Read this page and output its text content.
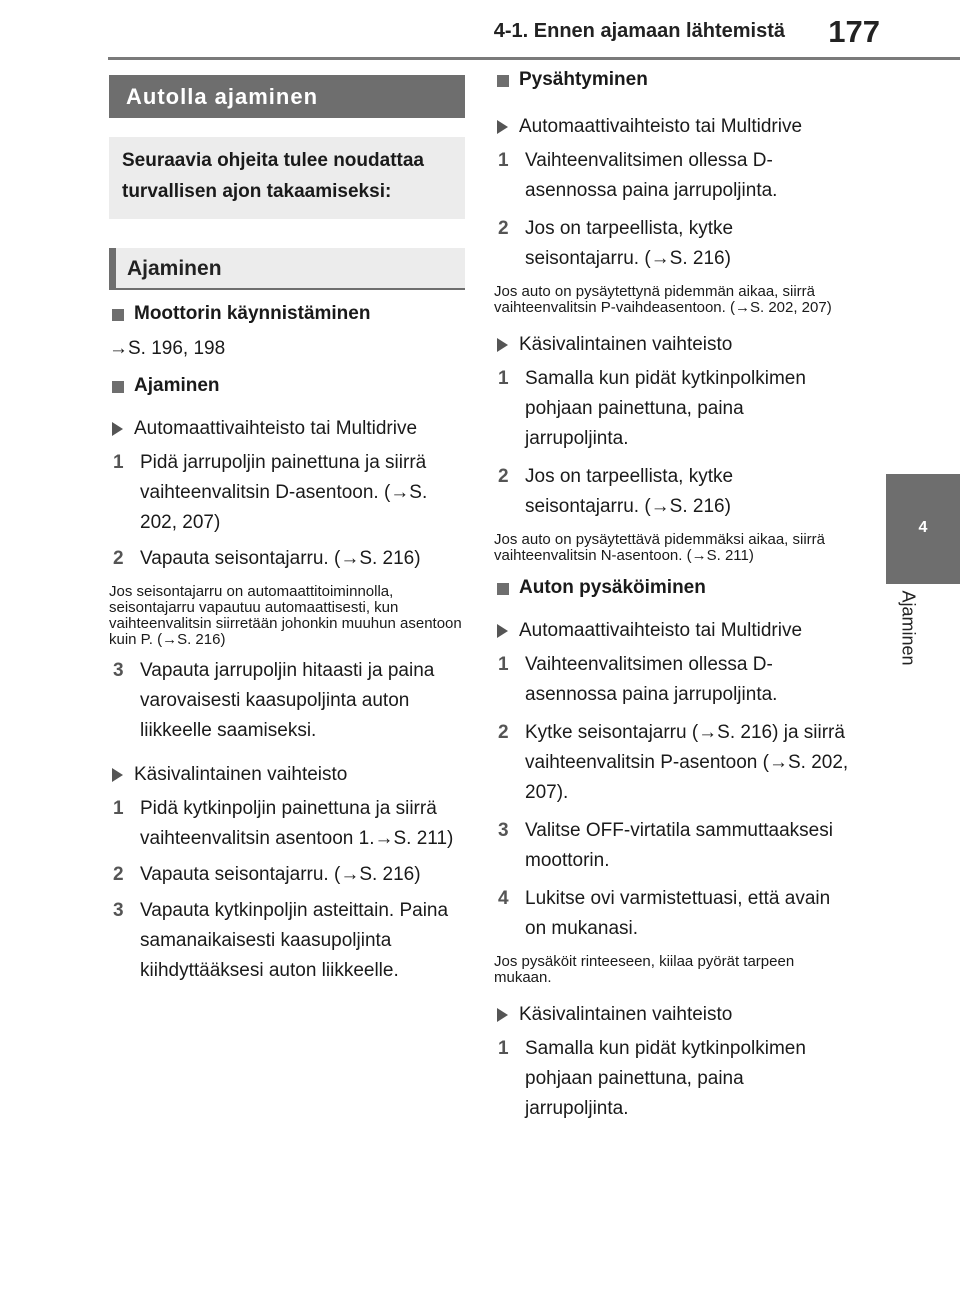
4-1. Ennen ajamaan lähtemistä 177
4
Ajaminen
Autolla ajaminen
Seuraavia ohjeita tulee noudattaa turvallisen ajon takaamiseksi:
Ajaminen
Moottorin käynnistäminen
→S. 196, 198
Ajaminen
Automaattivaihteisto tai Multidrive
1 Pidä jarrupoljin painettuna ja siirrä vaihteenvalitsin D-asentoon. (→S. 202, 207)
2 Vapauta seisontajarru. (→S. 216)
Jos seisontajarru on automaattitoiminnolla, seisontajarru vapautuu automaattisesti, kun vaihteenvalitsin siirretään johonkin muuhun asentoon kuin P. (→S. 216)
3 Vapauta jarrupoljin hitaasti ja paina varovaisesti kaasupoljinta auton liikkeelle saamiseksi.
Käsivalintainen vaihteisto
1 Pidä kytkinpoljin painettuna ja siirrä vaihteenvalitsin asentoon 1.→S. 211)
2 Vapauta seisontajarru. (→S. 216)
3 Vapauta kytkinpoljin asteittain. Paina samanaikaisesti kaasupoljinta kiihdyttääksesi auton liikkeelle.
Pysähtyminen
Automaattivaihteisto tai Multidrive
1 Vaihteenvalitsimen ollessa D-asennossa paina jarrupoljinta.
2 Jos on tarpeellista, kytke seisontajarru. (→S. 216)
Jos auto on pysäytettynä pidemmän aikaa, siirrä vaihteenvalitsin P-vaihdeasentoon. (→S. 202, 207)
Käsivalintainen vaihteisto
1 Samalla kun pidät kytkinpolkimen pohjaan painettuna, paina jarrupoljinta.
2 Jos on tarpeellista, kytke seisontajarru. (→S. 216)
Jos auto on pysäytettävä pidemmäksi aikaa, siirrä vaihteenvalitsin N-asentoon. (→S. 211)
Auton pysäköiminen
Automaattivaihteisto tai Multidrive
1 Vaihteenvalitsimen ollessa D-asennossa paina jarrupoljinta.
2 Kytke seisontajarru (→S. 216) ja siirrä vaihteenvalitsin P-asentoon (→S. 202, 207).
3 Valitse OFF-virtatila sammuttaaksesi moottorin.
4 Lukitse ovi varmistettuasi, että avain on mukanasi.
Jos pysäköit rinteeseen, kiilaa pyörät tarpeen mukaan.
Käsivalintainen vaihteisto
1 Samalla kun pidät kytkinpolkimen pohjaan painettuna, paina jarrupoljinta.
